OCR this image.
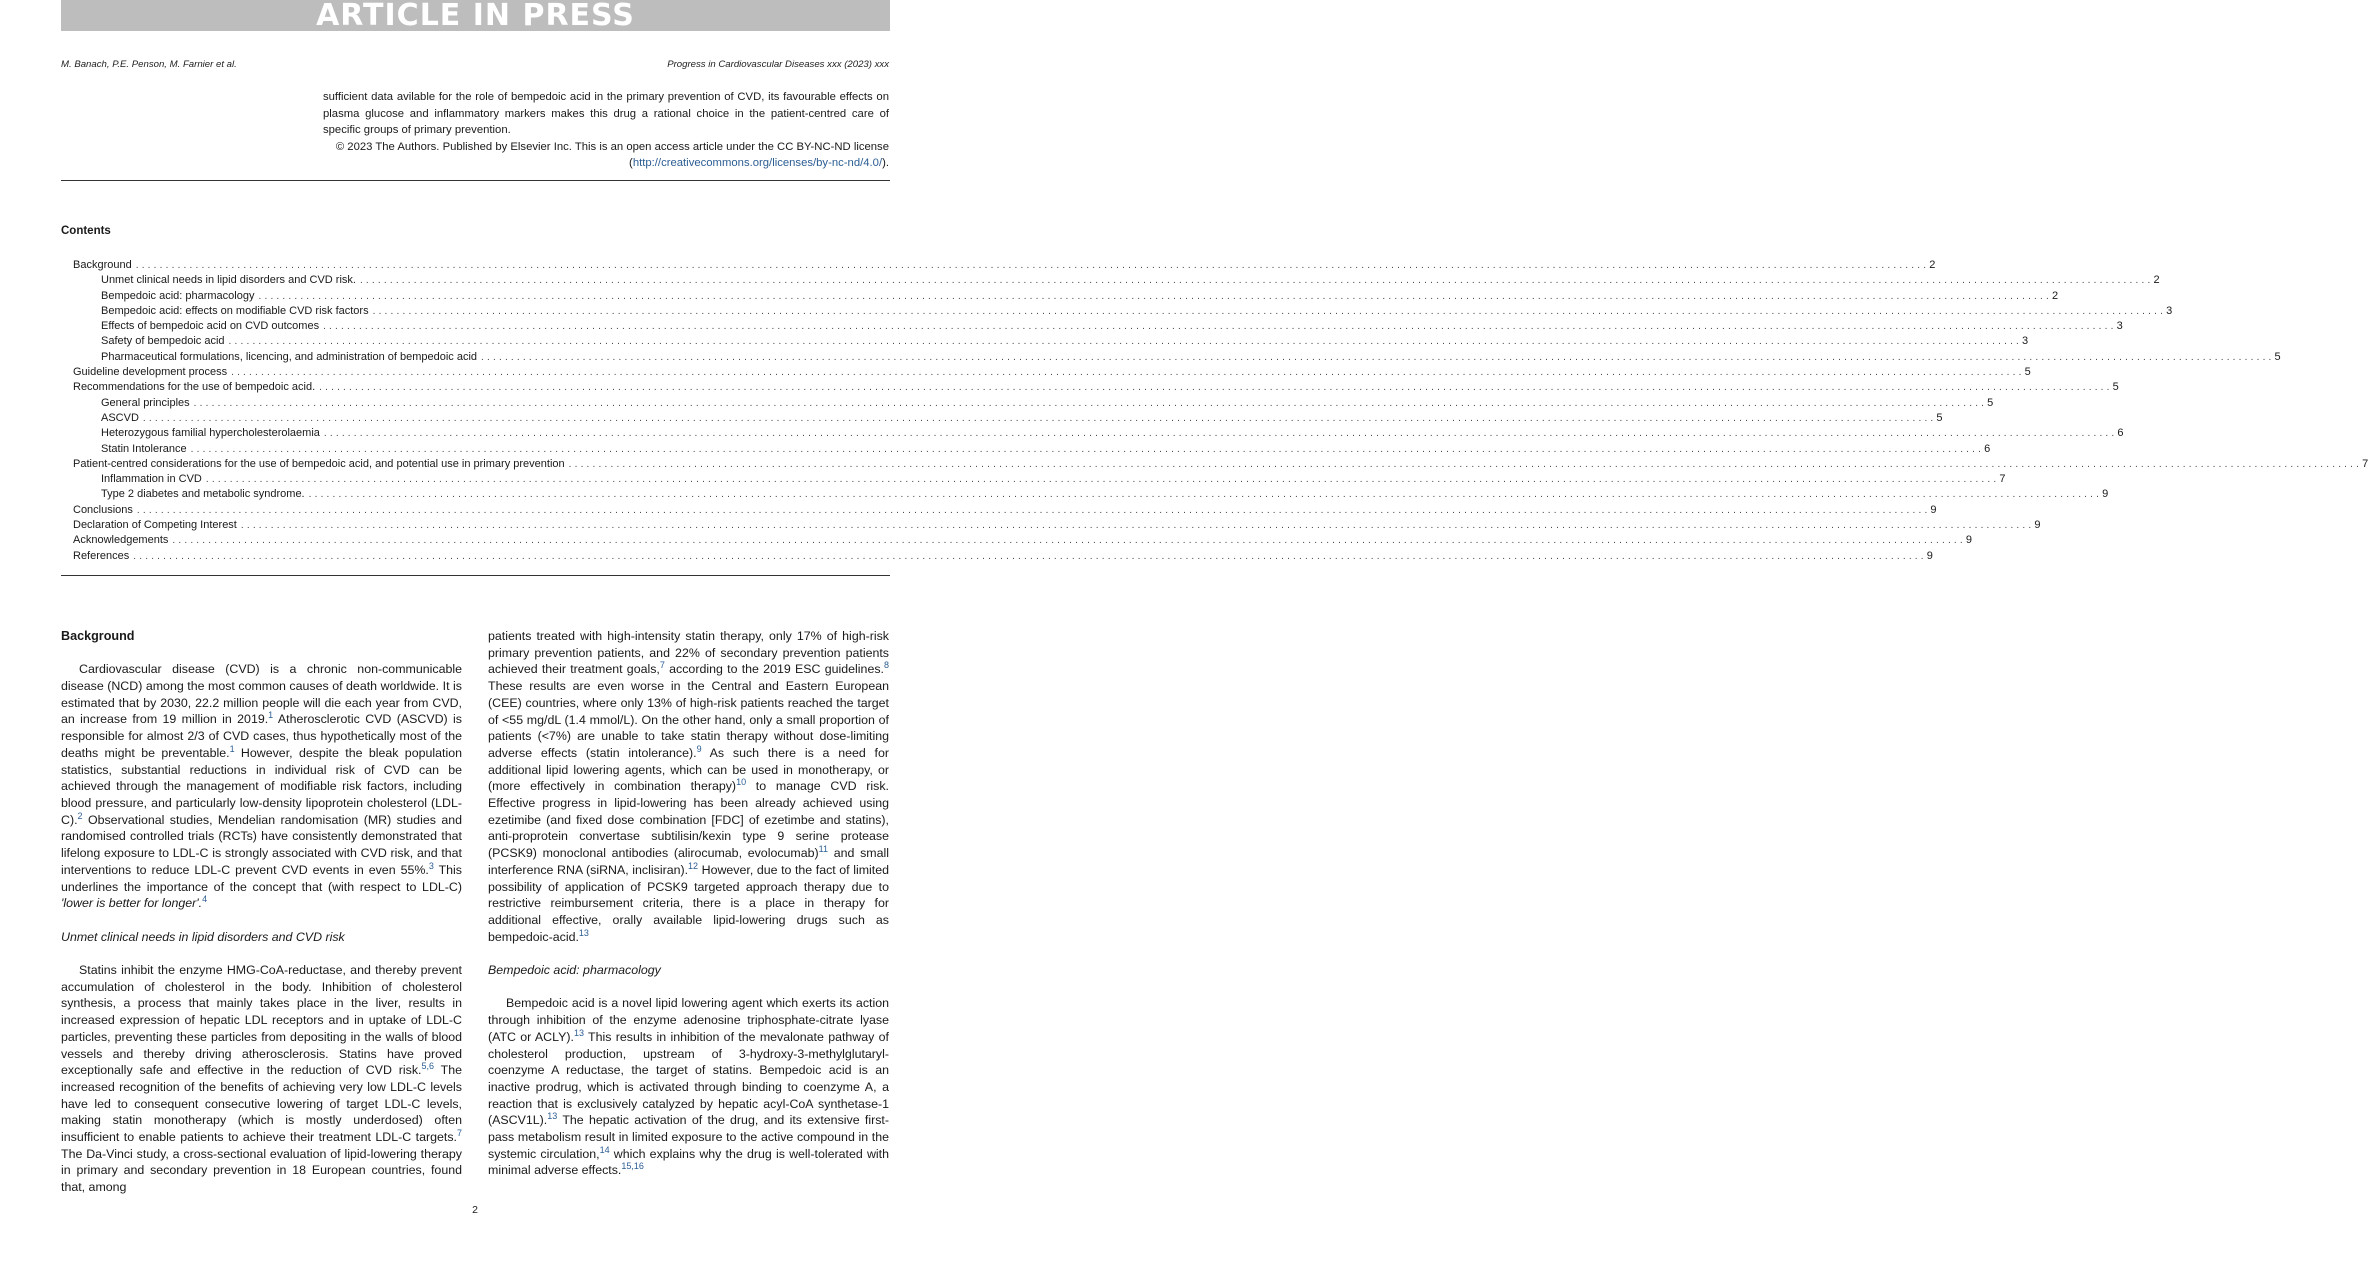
ARTICLE IN PRESS
M. Banach, P.E. Penson, M. Farnier et al.	Progress in Cardiovascular Diseases xxx (2023) xxx
sufficient data avilable for the role of bempedoic acid in the primary prevention of CVD, its favourable effects on plasma glucose and inflammatory markers makes this drug a rational choice in the patient-centred care of specific groups of primary prevention.
© 2023 The Authors. Published by Elsevier Inc. This is an open access article under the CC BY-NC-ND license (http://creativecommons.org/licenses/by-nc-nd/4.0/).
Contents
Background ............................................................................................................................................................................................................................................................................................................ 2
Unmet clinical needs in lipid disorders and CVD risk. ............................................................................................................................................................................................................................................................................................................ 2
Bempedoic acid: pharmacology ............................................................................................................................................................................................................................................................................................................ 2
Bempedoic acid: effects on modifiable CVD risk factors ............................................................................................................................................................................................................................................................................................................ 3
Effects of bempedoic acid on CVD outcomes ............................................................................................................................................................................................................................................................................................................ 3
Safety of bempedoic acid ............................................................................................................................................................................................................................................................................................................ 3
Pharmaceutical formulations, licencing, and administration of bempedoic acid ............................................................................................................................................................................................................................................................................................................ 5
Guideline development process ............................................................................................................................................................................................................................................................................................................ 5
Recommendations for the use of bempedoic acid. ............................................................................................................................................................................................................................................................................................................ 5
General principles ............................................................................................................................................................................................................................................................................................................ 5
ASCVD ............................................................................................................................................................................................................................................................................................................ 5
Heterozygous familial hypercholesterolaemia ............................................................................................................................................................................................................................................................................................................ 6
Statin Intolerance ............................................................................................................................................................................................................................................................................................................ 6
Patient-centred considerations for the use of bempedoic acid, and potential use in primary prevention ............................................................................................................................................................................................................................................................................................................ 7
Inflammation in CVD ............................................................................................................................................................................................................................................................................................................ 7
Type 2 diabetes and metabolic syndrome. ............................................................................................................................................................................................................................................................................................................ 9
Conclusions ............................................................................................................................................................................................................................................................................................................ 9
Declaration of Competing Interest ............................................................................................................................................................................................................................................................................................................ 9
Acknowledgements ............................................................................................................................................................................................................................................................................................................ 9
References ............................................................................................................................................................................................................................................................................................................ 9
Background

Cardiovascular disease (CVD) is a chronic non-communicable disease (NCD) among the most common causes of death worldwide. It is estimated that by 2030, 22.2 million people will die each year from CVD, an increase from 19 million in 2019.$^1$ Atherosclerotic CVD (ASCVD) is responsible for almost 2/3 of CVD cases, thus hypothetically most of the deaths might be preventable.$^1$ However, despite the bleak population statistics, substantial reductions in individual risk of CVD can be achieved through the management of modifiable risk factors, including blood pressure, and particularly low-density lipoprotein cholesterol (LDL-C).$^2$ Observational studies, Mendelian randomisation (MR) studies and randomised controlled trials (RCTs) have consistently demonstrated that lifelong exposure to LDL-C is strongly associated with CVD risk, and that interventions to reduce LDL-C prevent CVD events in even 55%.$^3$ This underlines the importance of the concept that (with respect to LDL-C) 'lower is better for longer'.$^4$

Unmet clinical needs in lipid disorders and CVD risk

Statins inhibit the enzyme HMG-CoA-reductase, and thereby prevent accumulation of cholesterol in the body. Inhibition of cholesterol synthesis, a process that mainly takes place in the liver, results in increased expression of hepatic LDL receptors and in uptake of LDL-C particles, preventing these particles from depositing in the walls of blood vessels and thereby driving atherosclerosis. Statins have proved exceptionally safe and effective in the reduction of CVD risk.$^{5,6}$ The increased recognition of the benefits of achieving very low LDL-C levels have led to consequent consecutive lowering of target LDL-C levels, making statin monotherapy (which is mostly underdosed) often insufficient to enable patients to achieve their treatment LDL-C targets.$^7$ The Da-Vinci study, a cross-sectional evaluation of lipid-lowering therapy in primary and secondary prevention in 18 European countries, found that, among

patients treated with high-intensity statin therapy, only 17% of high-risk primary prevention patients, and 22% of secondary prevention patients achieved their treatment goals,$^7$ according to the 2019 ESC guidelines.$^8$ These results are even worse in the Central and Eastern European (CEE) countries, where only 13% of high-risk patients reached the target of <55 mg/dL (1.4 mmol/L). On the other hand, only a small proportion of patients (<7%) are unable to take statin therapy without dose-limiting adverse effects (statin intolerance).$^9$ As such there is a need for additional lipid lowering agents, which can be used in monotherapy, or (more effectively in combination therapy)$^{10}$ to manage CVD risk. Effective progress in lipid-lowering has been already achieved using ezetimibe (and fixed dose combination [FDC] of ezetimbe and statins), anti-proprotein convertase subtilisin/kexin type 9 serine protease (PCSK9) monoclonal antibodies (alirocumab, evolocumab)$^{11}$ and small interference RNA (siRNA, inclisiran).$^{12}$ However, due to the fact of limited possibility of application of PCSK9 targeted approach therapy due to restrictive reimbursement criteria, there is a place in therapy for additional effective, orally available lipid-lowering drugs such as bempedoic-acid.$^{13}$

Bempedoic acid: pharmacology

Bempedoic acid is a novel lipid lowering agent which exerts its action through inhibition of the enzyme adenosine triphosphate-citrate lyase (ATC or ACLY).$^{13}$ This results in inhibition of the mevalonate pathway of cholesterol production, upstream of 3-hydroxy-3-methylglutaryl-coenzyme A reductase, the target of statins. Bempedoic acid is an inactive prodrug, which is activated through binding to coenzyme A, a reaction that is exclusively catalyzed by hepatic acyl-CoA synthetase-1 (ASCV1L).$^{13}$ The hepatic activation of the drug, and its extensive first-pass metabolism result in limited exposure to the active compound in the systemic circulation,$^{14}$ which explains why the drug is well-tolerated with minimal adverse effects.$^{15,16}$

2
